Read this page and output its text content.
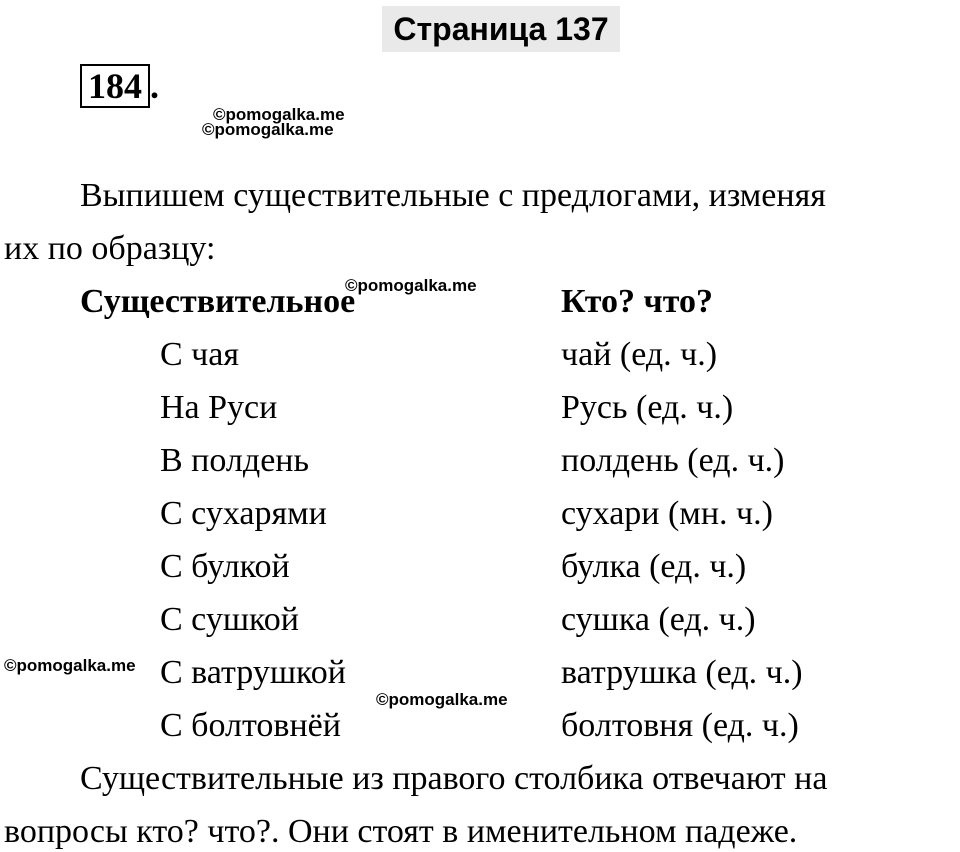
Страница 137
184 .
©pomogalka.me
©pomogalka.me
©pomogalka.me
©pomogalka.me
©pomogalka.me
Выпишем существительные с предлогами, изменяя
их по образцу:
Существительное	Кто? что?
С чая	чай (ед. ч.)
На Руси	Русь (ед. ч.)
В полдень	полдень (ед. ч.)
С сухарями	сухари (мн. ч.)
С булкой	булка (ед. ч.)
С сушкой	сушка (ед. ч.)
С ватрушкой	ватрушка (ед. ч.)
С болтовнёй	болтовня (ед. ч.)
Существительные из правого столбика отвечают на
вопросы кто? что?. Они стоят в именительном падеже.
